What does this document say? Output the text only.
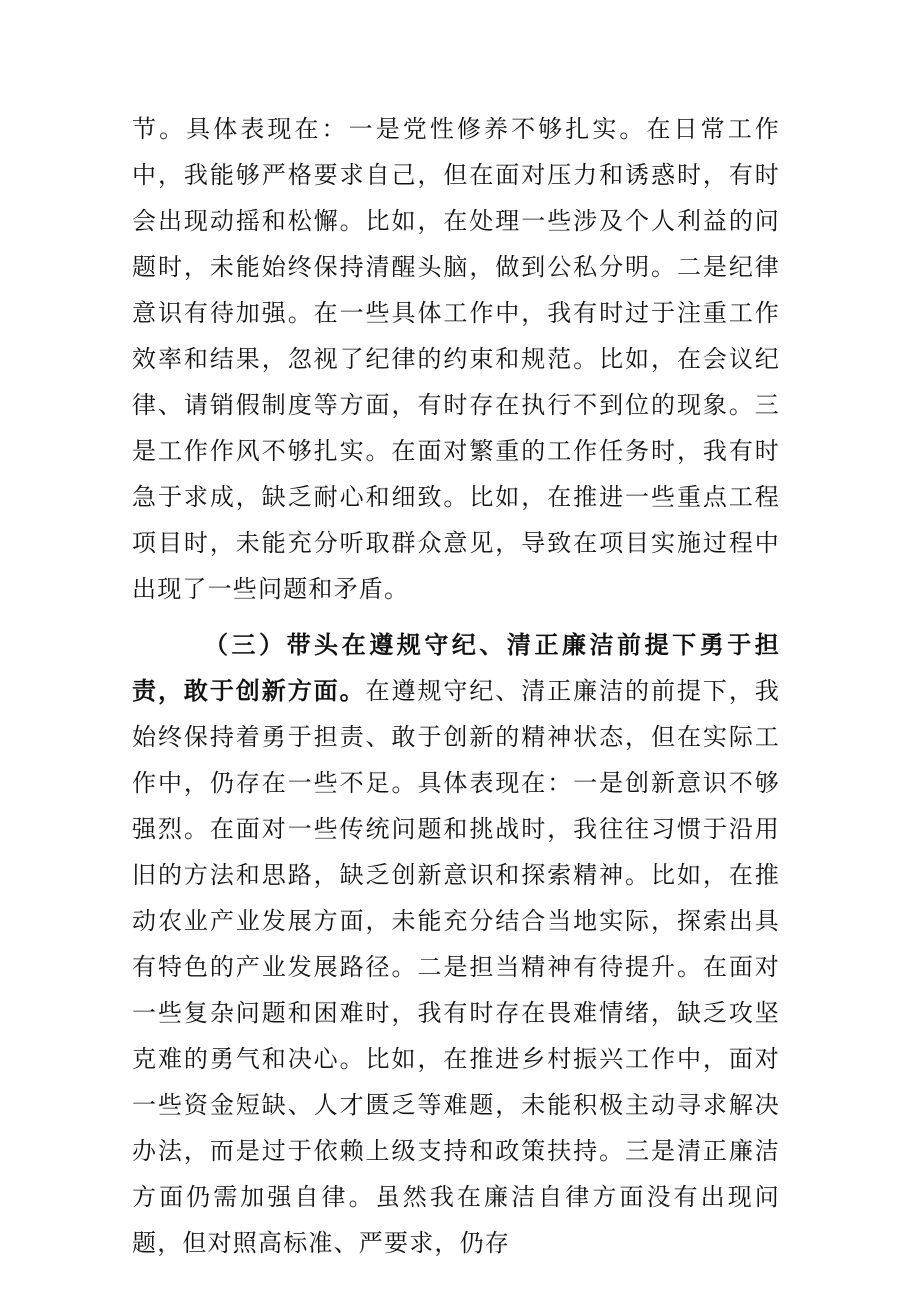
节。具体表现在：一是党性修养不够扎实。在日常工作中，我能够严格要求自己，但在面对压力和诱惑时，有时会出现动摇和松懈。比如，在处理一些涉及个人利益的问题时，未能始终保持清醒头脑，做到公私分明。二是纪律意识有待加强。在一些具体工作中，我有时过于注重工作效率和结果，忽视了纪律的约束和规范。比如，在会议纪律、请销假制度等方面，有时存在执行不到位的现象。三是工作作风不够扎实。在面对繁重的工作任务时，我有时急于求成，缺乏耐心和细致。比如，在推进一些重点工程项目时，未能充分听取群众意见，导致在项目实施过程中出现了一些问题和矛盾。

（三）带头在遵规守纪、清正廉洁前提下勇于担责，敢于创新方面。在遵规守纪、清正廉洁的前提下，我始终保持着勇于担责、敢于创新的精神状态，但在实际工作中，仍存在一些不足。具体表现在：一是创新意识不够强烈。在面对一些传统问题和挑战时，我往往习惯于沿用旧的方法和思路，缺乏创新意识和探索精神。比如，在推动农业产业发展方面，未能充分结合当地实际，探索出具有特色的产业发展路径。二是担当精神有待提升。在面对一些复杂问题和困难时，我有时存在畏难情绪，缺乏攻坚克难的勇气和决心。比如，在推进乡村振兴工作中，面对一些资金短缺、人才匮乏等难题，未能积极主动寻求解决办法，而是过于依赖上级支持和政策扶持。三是清正廉洁方面仍需加强自律。虽然我在廉洁自律方面没有出现问题，但对照高标准、严要求，仍存
